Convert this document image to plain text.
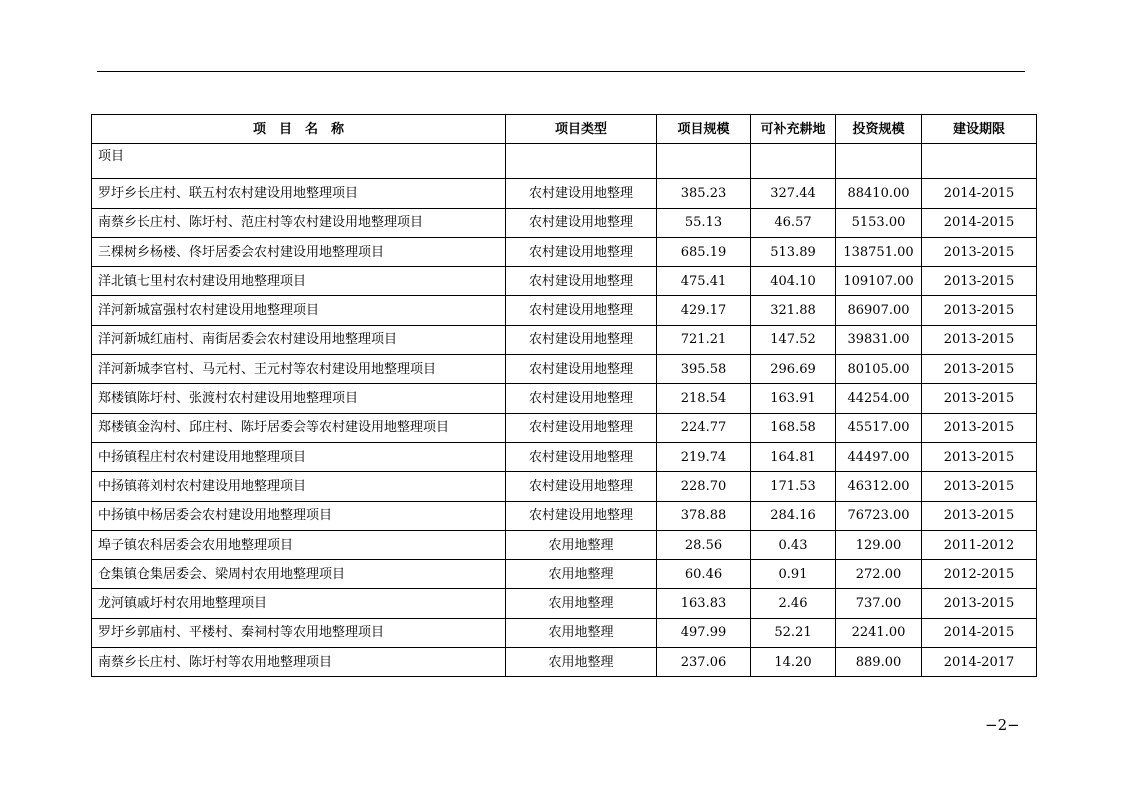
项　目　名　称	项目类型	项目规模	可补充耕地	投资规模	建设期限
项目					
罗圩乡长庄村、联五村农村建设用地整理项目	农村建设用地整理	385.23	327.44	88410.00	2014-2015
南蔡乡长庄村、陈圩村、范庄村等农村建设用地整理项目	农村建设用地整理	55.13	46.57	5153.00	2014-2015
三棵树乡杨楼、佟圩居委会农村建设用地整理项目	农村建设用地整理	685.19	513.89	138751.00	2013-2015
洋北镇七里村农村建设用地整理项目	农村建设用地整理	475.41	404.10	109107.00	2013-2015
洋河新城富强村农村建设用地整理项目	农村建设用地整理	429.17	321.88	86907.00	2013-2015
洋河新城红庙村、南街居委会农村建设用地整理项目	农村建设用地整理	721.21	147.52	39831.00	2013-2015
洋河新城李官村、马元村、王元村等农村建设用地整理项目	农村建设用地整理	395.58	296.69	80105.00	2013-2015
郑楼镇陈圩村、张渡村农村建设用地整理项目	农村建设用地整理	218.54	163.91	44254.00	2013-2015
郑楼镇金沟村、邱庄村、陈圩居委会等农村建设用地整理项目	农村建设用地整理	224.77	168.58	45517.00	2013-2015
中扬镇程庄村农村建设用地整理项目	农村建设用地整理	219.74	164.81	44497.00	2013-2015
中扬镇蒋刘村农村建设用地整理项目	农村建设用地整理	228.70	171.53	46312.00	2013-2015
中扬镇中杨居委会农村建设用地整理项目	农村建设用地整理	378.88	284.16	76723.00	2013-2015
埠子镇农科居委会农用地整理项目	农用地整理	28.56	0.43	129.00	2011-2012
仓集镇仓集居委会、梁周村农用地整理项目	农用地整理	60.46	0.91	272.00	2012-2015
龙河镇戚圩村农用地整理项目	农用地整理	163.83	2.46	737.00	2013-2015
罗圩乡郭庙村、平楼村、秦祠村等农用地整理项目	农用地整理	497.99	52.21	2241.00	2014-2015
南蔡乡长庄村、陈圩村等农用地整理项目	农用地整理	237.06	14.20	889.00	2014-2017
−2−
